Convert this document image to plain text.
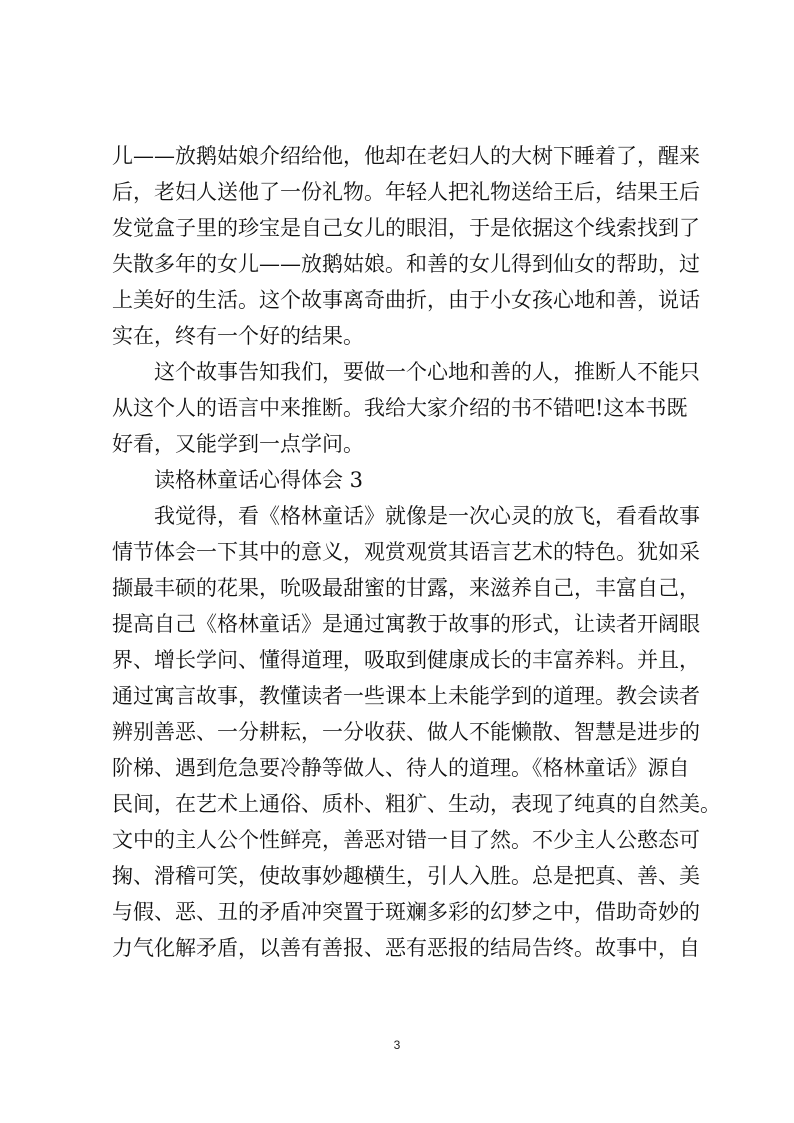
儿——放鹅姑娘介绍给他，他却在老妇人的大树下睡着了，醒来
后，老妇人送他了一份礼物。年轻人把礼物送给王后，结果王后
发觉盒子里的珍宝是自己女儿的眼泪，于是依据这个线索找到了
失散多年的女儿——放鹅姑娘。和善的女儿得到仙女的帮助，过
上美好的生活。这个故事离奇曲折，由于小女孩心地和善，说话
实在，终有一个好的结果。
　　这个故事告知我们，要做一个心地和善的人，推断人不能只
从这个人的语言中来推断。我给大家介绍的书不错吧!这本书既
好看，又能学到一点学问。
　　读格林童话心得体会 3
　　我觉得，看《格林童话》就像是一次心灵的放飞，看看故事
情节体会一下其中的意义，观赏观赏其语言艺术的特色。犹如采
撷最丰硕的花果，吮吸最甜蜜的甘露，来滋养自己，丰富自己，
提高自己《格林童话》是通过寓教于故事的形式，让读者开阔眼
界、增长学问、懂得道理，吸取到健康成长的丰富养料。并且，
通过寓言故事，教懂读者一些课本上未能学到的道理。教会读者
辨别善恶、一分耕耘，一分收获、做人不能懒散、智慧是进步的
阶梯、遇到危急要冷静等做人、待人的道理。《格林童话》源自
民间，在艺术上通俗、质朴、粗犷、生动，表现了纯真的自然美。
文中的主人公个性鲜亮，善恶对错一目了然。不少主人公憨态可
掬、滑稽可笑，使故事妙趣横生，引人入胜。总是把真、善、美
与假、恶、丑的矛盾冲突置于斑斓多彩的幻梦之中，借助奇妙的
力气化解矛盾，以善有善报、恶有恶报的结局告终。故事中，自
3
